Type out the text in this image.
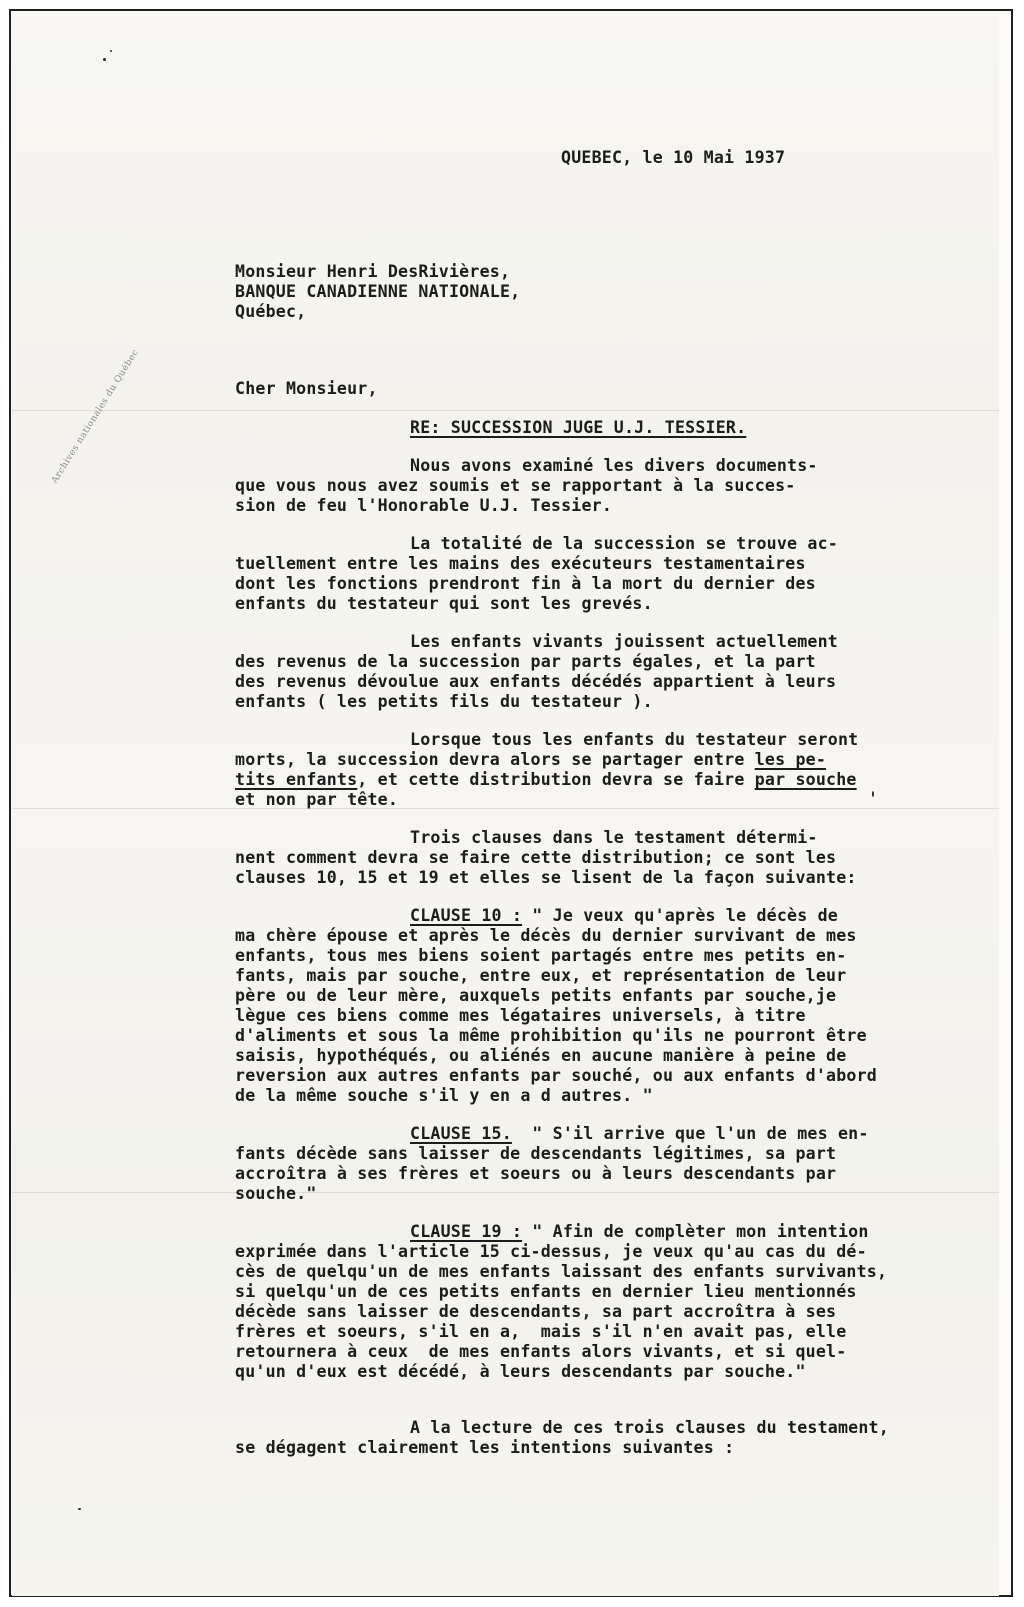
Archives nationales du Québec
QUEBEC, le 10 Mai 1937
Monsieur Henri DesRivières,
BANQUE CANADIENNE NATIONALE,
Québec,
Cher Monsieur,
RE: SUCCESSION JUGE U.J. TESSIER.
Nous avons examiné les divers documents-
que vous nous avez soumis et se rapportant à la succes-
sion de feu l'Honorable U.J. Tessier.
La totalité de la succession se trouve ac-
tuellement entre les mains des exécuteurs testamentaires
dont les fonctions prendront fin à la mort du dernier des
enfants du testateur qui sont les grevés.
Les enfants vivants jouissent actuellement
des revenus de la succession par parts égales, et la part
des revenus dévoulue aux enfants décédés appartient à leurs
enfants ( les petits fils du testateur ).
Lorsque tous les enfants du testateur seront
morts, la succession devra alors se partager entre les pe-
tits enfants, et cette distribution devra se faire par souche
et non par tête.
Trois clauses dans le testament détermi-
nent comment devra se faire cette distribution; ce sont les
clauses 10, 15 et 19 et elles se lisent de la façon suivante:
CLAUSE 10 : " Je veux qu'après le décès de
ma chère épouse et après le décès du dernier survivant de mes
enfants, tous mes biens soient partagés entre mes petits en-
fants, mais par souche, entre eux, et représentation de leur
père ou de leur mère, auxquels petits enfants par souche,je
lègue ces biens comme mes légataires universels, à titre
d'aliments et sous la même prohibition qu'ils ne pourront être
saisis, hypothéqués, ou aliénés en aucune manière à peine de
reversion aux autres enfants par souché, ou aux enfants d'abord
de la même souche s'il y en a d autres. "
CLAUSE 15.  " S'il arrive que l'un de mes en-
fants décède sans laisser de descendants légitimes, sa part
accroîtra à ses frères et soeurs ou à leurs descendants par
souche."
CLAUSE 19 : " Afin de complèter mon intention
exprimée dans l'article 15 ci-dessus, je veux qu'au cas du dé-
cès de quelqu'un de mes enfants laissant des enfants survivants,
si quelqu'un de ces petits enfants en dernier lieu mentionnés
décède sans laisser de descendants, sa part accroîtra à ses
frères et soeurs, s'il en a,  mais s'il n'en avait pas, elle
retournera à ceux  de mes enfants alors vivants, et si quel-
qu'un d'eux est décédé, à leurs descendants par souche."
A la lecture de ces trois clauses du testament,
se dégagent clairement les intentions suivantes :
